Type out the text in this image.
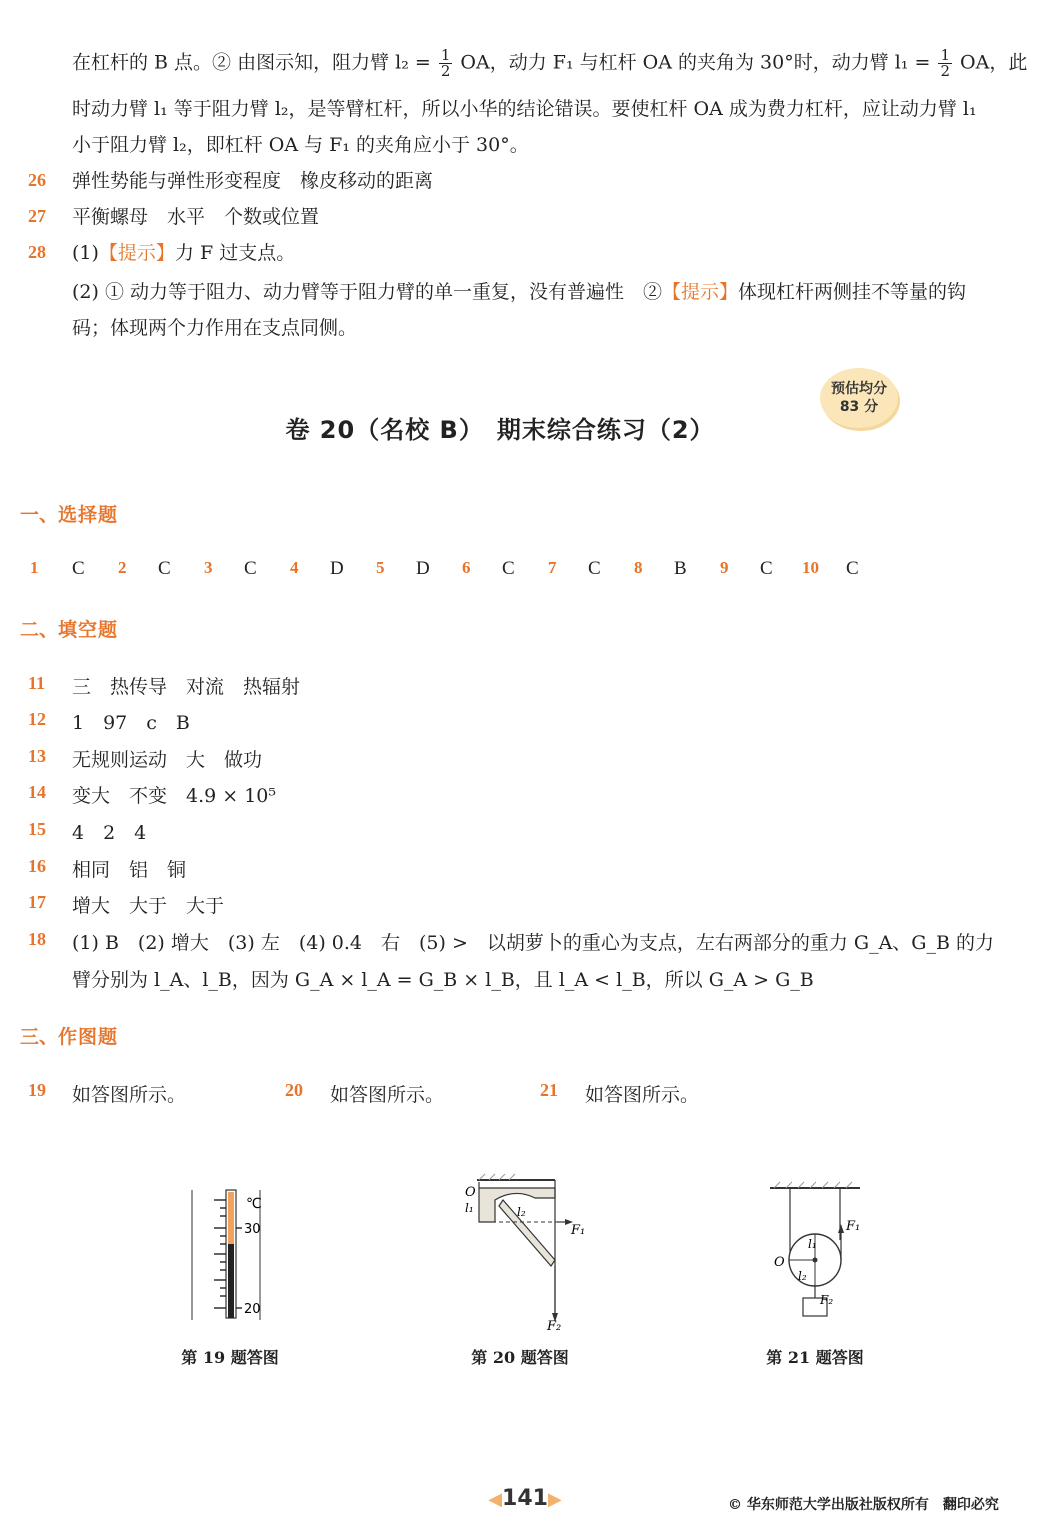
在杠杆的 B 点。② 由图示知，阻力臂 $l_2 = \frac{1}{2}$ OA，动力 F₁ 与杠杆 OA 的夹角为 30°时，动力臂 $l_1 = \frac{1}{2}$ OA，此
时动力臂 l₁ 等于阻力臂 l₂，是等臂杠杆，所以小华的结论错误。要使杠杆 OA 成为费力杠杆，应让动力臂 l₁
小于阻力臂 l₂，即杠杆 OA 与 F₁ 的夹角应小于 30°。
26 弹性势能与弹性形变程度　橡皮移动的距离
27 平衡螺母　水平　个数或位置
28 (1)【提示】力 F 过支点。
(2) ① 动力等于阻力、动力臂等于阻力臂的单一重复，没有普遍性　②【提示】体现杠杆两侧挂不等量的钩
码；体现两个力作用在支点同侧。
预估均分
83 分
卷 20（名校 B）　期末综合练习（2）
一、选择题
1 C 2 C 3 C 4 D 5 D 6 C 7 C 8 B 9 C 10 C
二、填空题
11 三　热传导　对流　热辐射
12 1　97　c　B
13 无规则运动　大　做功
14 变大　不变　4.9 × 10⁵
15 4　2　4
16 相同　铝　铜
17 增大　大于　大于
18 (1) B　(2) 增大　(3) 左　(4) 0.4　右　(5) >　以胡萝卜的重心为支点，左右两部分的重力 G_A、G_B 的力
臂分别为 l_A、l_B，因为 G_A × l_A = G_B × l_B，且 l_A < l_B，所以 G_A > G_B
三、作图题
19 如答图所示。	20 如答图所示。	21 如答图所示。
℃
30
20
第 19 题答图
O
l₁	l₂
F₁
F₂
第 20 题答图
O
l₁
l₂
F₁
F₂
第 21 题答图
◀141▶	© 华东师范大学出版社版权所有　翻印必究
